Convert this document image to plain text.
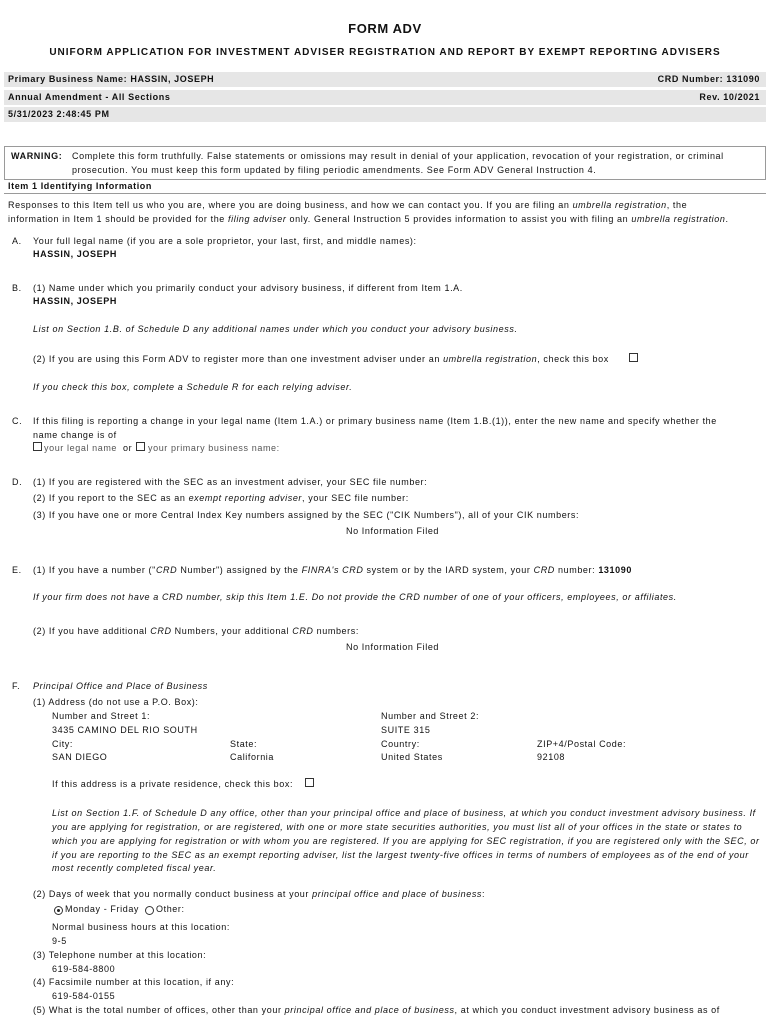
FORM ADV
UNIFORM APPLICATION FOR INVESTMENT ADVISER REGISTRATION AND REPORT BY EXEMPT REPORTING ADVISERS
Primary Business Name: HASSIN, JOSEPH	CRD Number: 131090
Annual Amendment - All Sections	Rev. 10/2021
5/31/2023 2:48:45 PM
WARNING: Complete this form truthfully. False statements or omissions may result in denial of your application, revocation of your registration, or criminal
prosecution. You must keep this form updated by filing periodic amendments. See Form ADV General Instruction 4.
Item 1 Identifying Information
Responses to this Item tell us who you are, where you are doing business, and how we can contact you. If you are filing an umbrella registration, the
information in Item 1 should be provided for the filing adviser only. General Instruction 5 provides information to assist you with filing an umbrella registration.
A. Your full legal name (if you are a sole proprietor, your last, first, and middle names):
HASSIN, JOSEPH
B. (1) Name under which you primarily conduct your advisory business, if different from Item 1.A.
HASSIN, JOSEPH
List on Section 1.B. of Schedule D any additional names under which you conduct your advisory business.
(2) If you are using this Form ADV to register more than one investment adviser under an umbrella registration, check this box
If you check this box, complete a Schedule R for each relying adviser.
C. If this filing is reporting a change in your legal name (Item 1.A.) or primary business name (Item 1.B.(1)), enter the new name and specify whether the
name change is of
your legal name or your primary business name:
D. (1) If you are registered with the SEC as an investment adviser, your SEC file number:
(2) If you report to the SEC as an exempt reporting adviser, your SEC file number:
(3) If you have one or more Central Index Key numbers assigned by the SEC ("CIK Numbers"), all of your CIK numbers:
No Information Filed
E. (1) If you have a number ("CRD Number") assigned by the FINRA's CRD system or by the IARD system, your CRD number: 131090
If your firm does not have a CRD number, skip this Item 1.E. Do not provide the CRD number of one of your officers, employees, or affiliates.
(2) If you have additional CRD Numbers, your additional CRD numbers:
No Information Filed
F. Principal Office and Place of Business
(1) Address (do not use a P.O. Box):
Number and Street 1:	Number and Street 2:
3435 CAMINO DEL RIO SOUTH	SUITE 315
City:	State:	Country:	ZIP+4/Postal Code:
SAN DIEGO	California	United States	92108
If this address is a private residence, check this box:
List on Section 1.F. of Schedule D any office, other than your principal office and place of business, at which you conduct investment advisory business. If
you are applying for registration, or are registered, with one or more state securities authorities, you must list all of your offices in the state or states to
which you are applying for registration or with whom you are registered. If you are applying for SEC registration, if you are registered only with the SEC, or
if you are reporting to the SEC as an exempt reporting adviser, list the largest twenty-five offices in terms of numbers of employees as of the end of your
most recently completed fiscal year.
(2) Days of week that you normally conduct business at your principal office and place of business:
Monday - Friday Other:
Normal business hours at this location:
9-5
(3) Telephone number at this location:
619-584-8800
(4) Facsimile number at this location, if any:
619-584-0155
(5) What is the total number of offices, other than your principal office and place of business, at which you conduct investment advisory business as of
